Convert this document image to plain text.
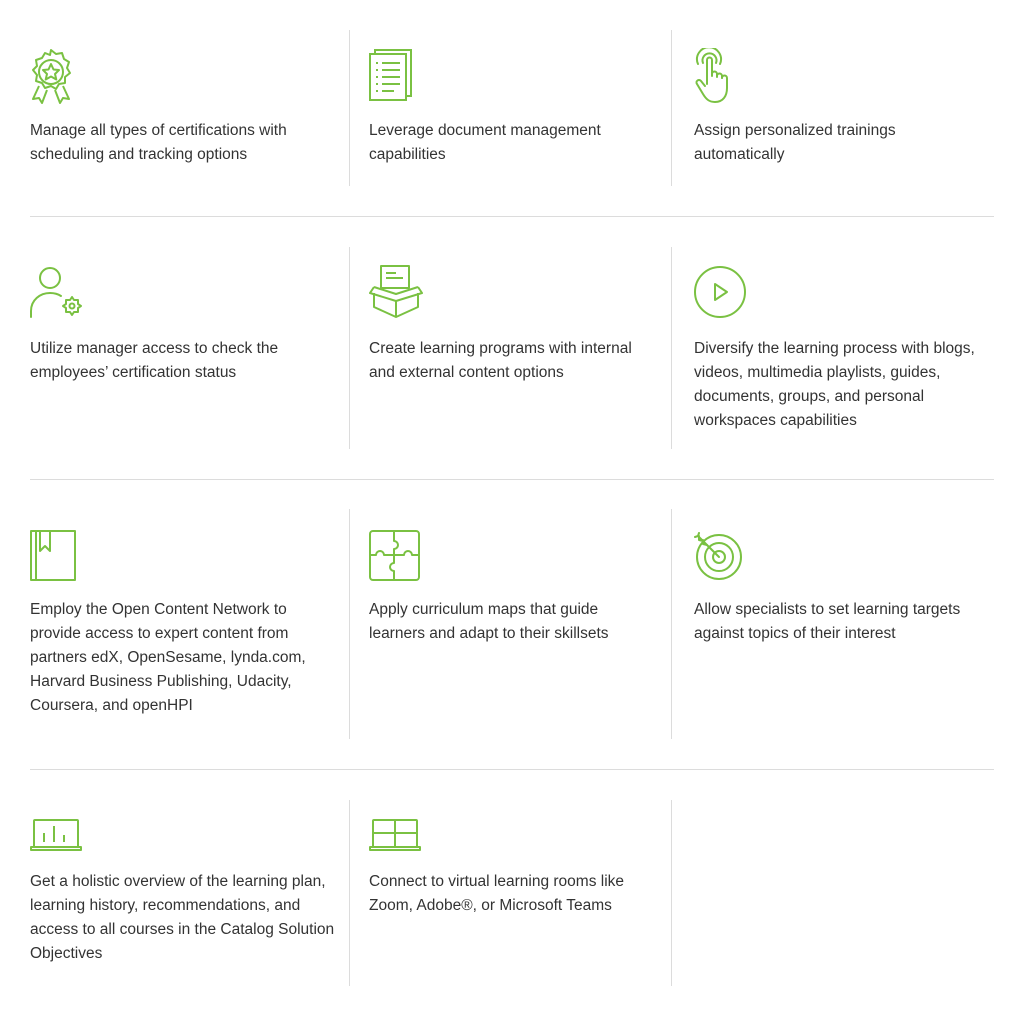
Manage all types of certifications with scheduling and tracking options
Leverage document management capabilities
Assign personalized trainings automatically
Utilize manager access to check the employees’ certification status
Create learning programs with internal and external content options
Diversify the learning process with blogs, videos, multimedia playlists, guides, documents, groups, and personal workspaces capabilities
Employ the Open Content Network to provide access to expert content from partners edX, OpenSesame, lynda.com, Harvard Business Publishing, Udacity, Coursera, and openHPI
Apply curriculum maps that guide learners and adapt to their skillsets
Allow specialists to set learning targets against topics of their interest
Get a holistic overview of the learning plan, learning history, recommendations, and access to all courses in the Catalog Solution Objectives
Connect to virtual learning rooms like Zoom, Adobe®, or Microsoft Teams
